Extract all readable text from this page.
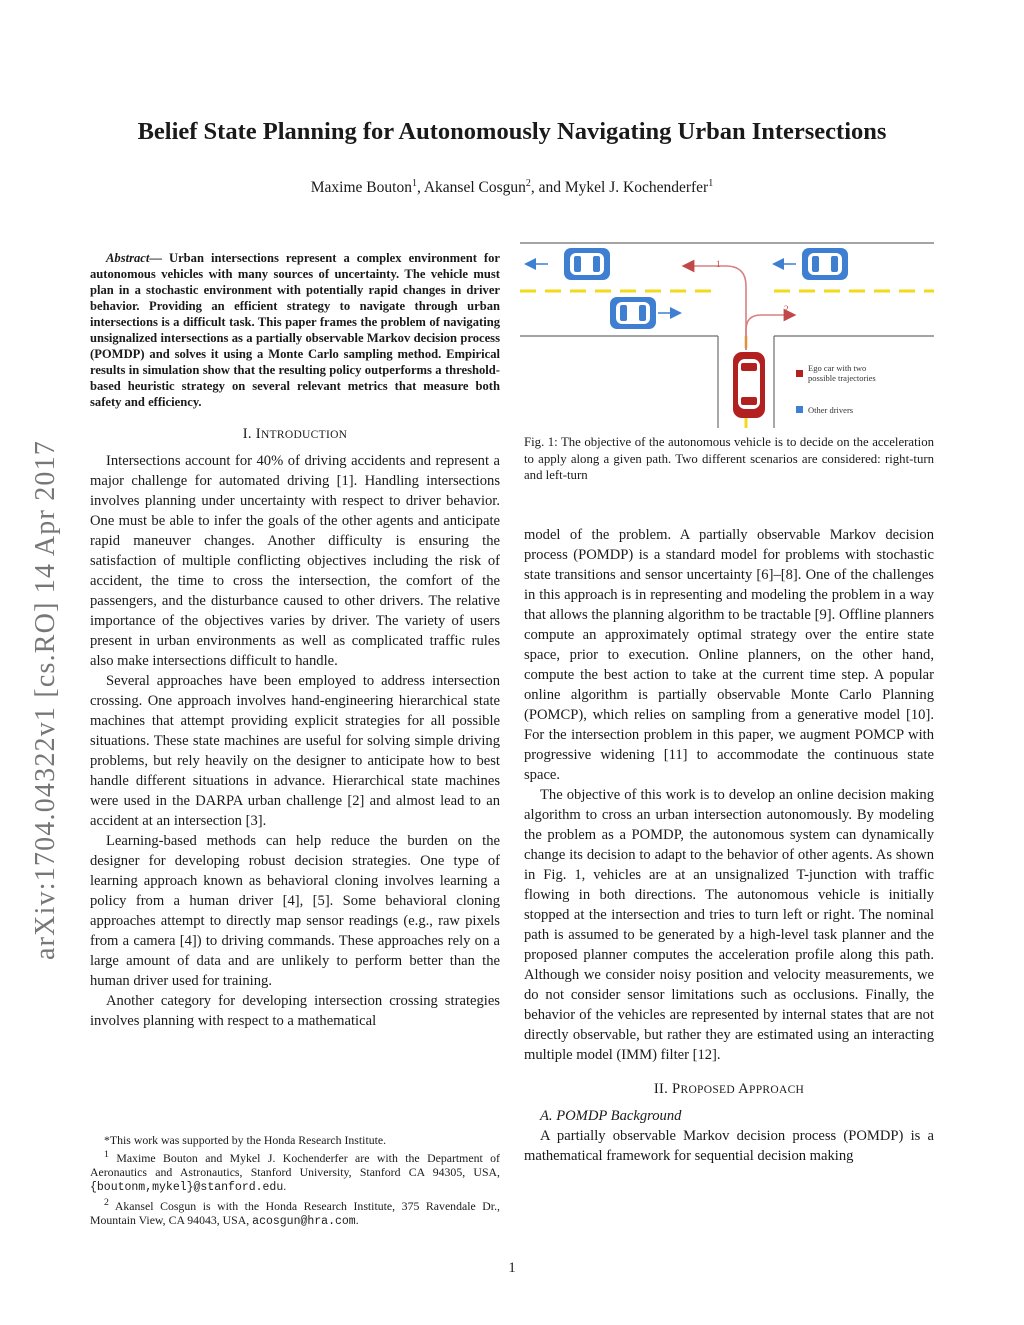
arXiv:1704.04322v1 [cs.RO] 14 Apr 2017
Belief State Planning for Autonomously Navigating Urban Intersections
Maxime Bouton$^1$, Akansel Cosgun$^2$, and Mykel J. Kochenderfer$^1$

Abstract— Urban intersections represent a complex environment for autonomous vehicles with many sources of uncertainty. The vehicle must plan in a stochastic environment with potentially rapid changes in driver behavior. Providing an efficient strategy to navigate through urban intersections is a difficult task. This paper frames the problem of navigating unsignalized intersections as a partially observable Markov decision process (POMDP) and solves it using a Monte Carlo sampling method. Empirical results in simulation show that the resulting policy outperforms a threshold-based heuristic strategy on several relevant metrics that measure both safety and efficiency.

I. INTRODUCTION

Intersections account for 40% of driving accidents and represent a major challenge for automated driving [1]. Handling intersections involves planning under uncertainty with respect to driver behavior. One must be able to infer the goals of the other agents and anticipate rapid maneuver changes. Another difficulty is ensuring the satisfaction of multiple conflicting objectives including the risk of accident, the time to cross the intersection, the comfort of the passengers, and the disturbance caused to other drivers. The relative importance of the objectives varies by driver. The variety of users present in urban environments as well as complicated traffic rules also make intersections difficult to handle.

Several approaches have been employed to address intersection crossing. One approach involves hand-engineering hierarchical state machines that attempt providing explicit strategies for all possible situations. These state machines are useful for solving simple driving problems, but rely heavily on the designer to anticipate how to best handle different situations in advance. Hierarchical state machines were used in the DARPA urban challenge [2] and almost lead to an accident at an intersection [3].

Learning-based methods can help reduce the burden on the designer for developing robust decision strategies. One type of learning approach known as behavioral cloning involves learning a policy from a human driver [4], [5]. Some behavioral cloning approaches attempt to directly map sensor readings (e.g., raw pixels from a camera [4]) to driving commands. These approaches rely on a large amount of data and are unlikely to perform better than the human driver used for training.

Another category for developing intersection crossing strategies involves planning with respect to a mathematical

*This work was supported by the Honda Research Institute.

$^1$ Maxime Bouton and Mykel J. Kochenderfer are with the Department of Aeronautics and Astronautics, Stanford University, Stanford CA 94305, USA, {boutonm,mykel}@stanford.edu.

$^2$ Akansel Cosgun is with the Honda Research Institute, 375 Ravendale Dr., Mountain View, CA 94043, USA, acosgun@hra.com.

1
2
Ego car with two
possible trajectories
Other drivers
Fig. 1: The objective of the autonomous vehicle is to decide on the acceleration to apply along a given path. Two different scenarios are considered: right-turn and left-turn

model of the problem. A partially observable Markov decision process (POMDP) is a standard model for problems with stochastic state transitions and sensor uncertainty [6]–[8]. One of the challenges in this approach is in representing and modeling the problem in a way that allows the planning algorithm to be tractable [9]. Offline planners compute an approximately optimal strategy over the entire state space, prior to execution. Online planners, on the other hand, compute the best action to take at the current time step. A popular online algorithm is partially observable Monte Carlo Planning (POMCP), which relies on sampling from a generative model [10]. For the intersection problem in this paper, we augment POMCP with progressive widening [11] to accommodate the continuous state space.

The objective of this work is to develop an online decision making algorithm to cross an urban intersection autonomously. By modeling the problem as a POMDP, the autonomous system can dynamically change its decision to adapt to the behavior of other agents. As shown in Fig. 1, vehicles are at an unsignalized T-junction with traffic flowing in both directions. The autonomous vehicle is initially stopped at the intersection and tries to turn left or right. The nominal path is assumed to be generated by a high-level task planner and the proposed planner computes the acceleration profile along this path. Although we consider noisy position and velocity measurements, we do not consider sensor limitations such as occlusions. Finally, the behavior of the vehicles are represented by internal states that are not directly observable, but rather they are estimated using an interacting multiple model (IMM) filter [12].

II. PROPOSED APPROACH

A. POMDP Background

A partially observable Markov decision process (POMDP) is a mathematical framework for sequential decision making

1
